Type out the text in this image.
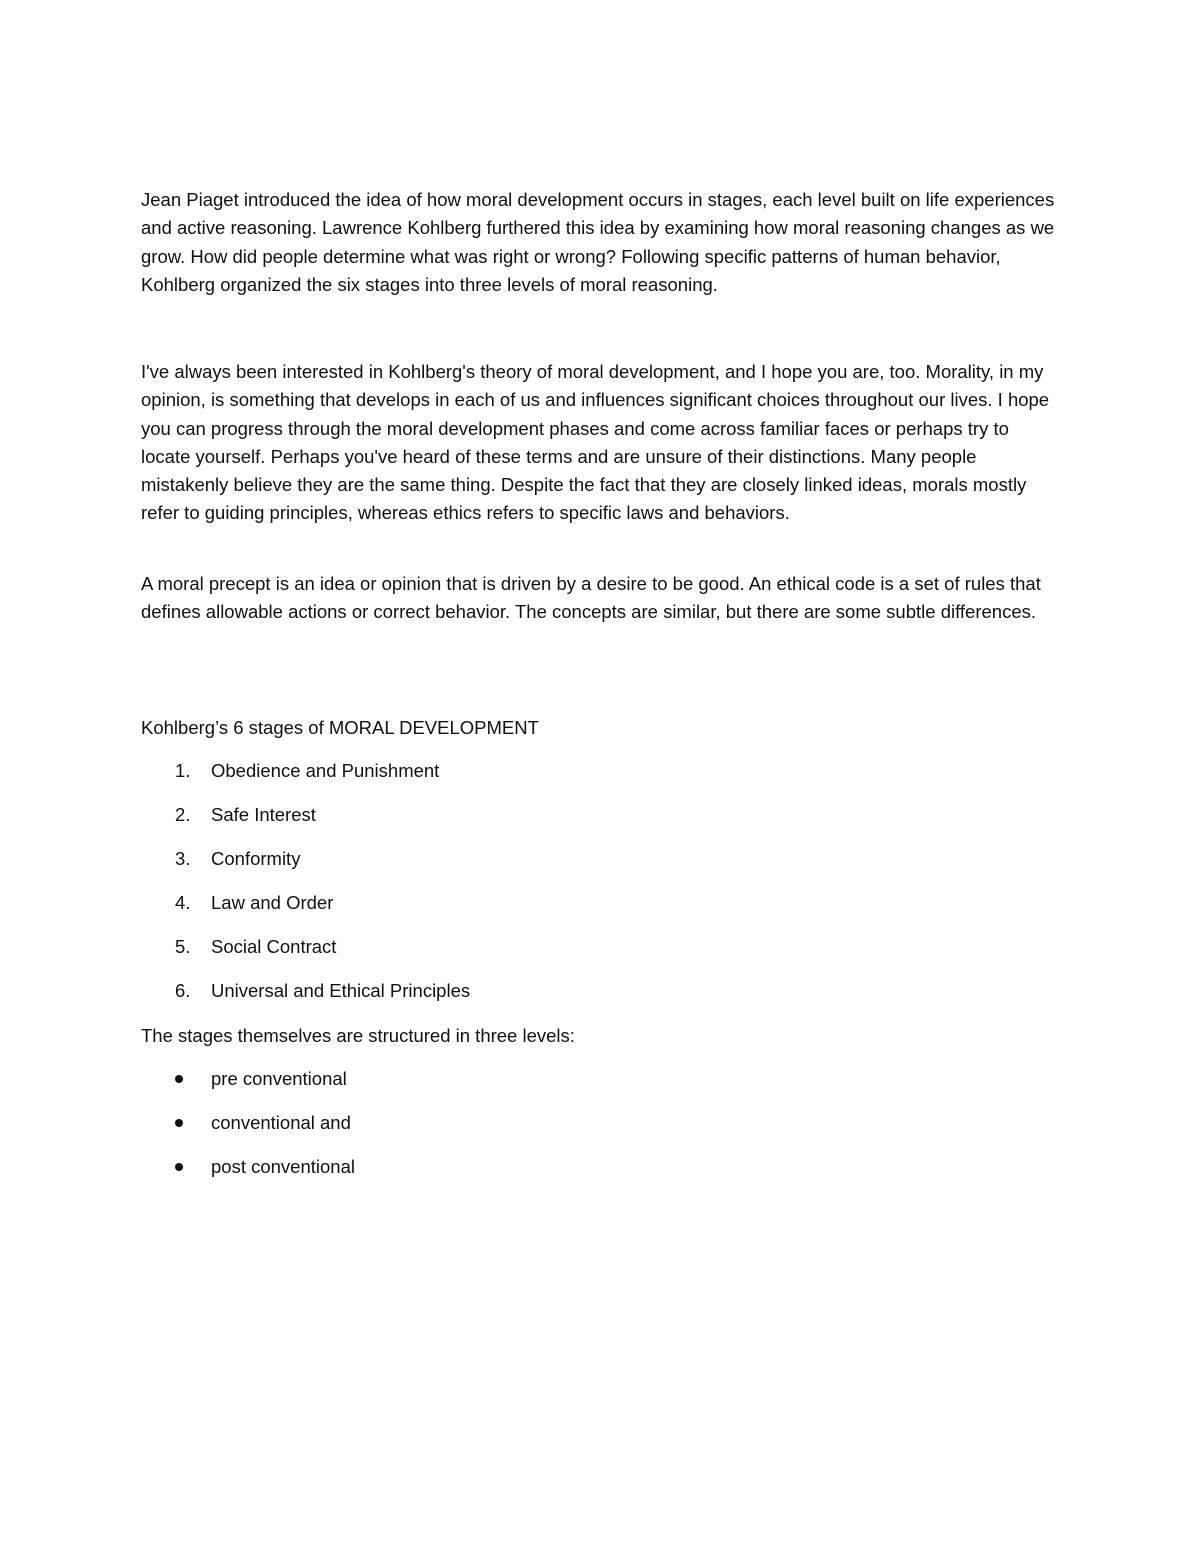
Jean Piaget introduced the idea of how moral development occurs in stages, each level built on life experiences and active reasoning. Lawrence Kohlberg furthered this idea by examining how moral reasoning changes as we grow. How did people determine what was right or wrong? Following specific patterns of human behavior, Kohlberg organized the six stages into three levels of moral reasoning.

I've always been interested in Kohlberg's theory of moral development, and I hope you are, too. Morality, in my opinion, is something that develops in each of us and influences significant choices throughout our lives. I hope you can progress through the moral development phases and come across familiar faces or perhaps try to locate yourself. Perhaps you've heard of these terms and are unsure of their distinctions. Many people mistakenly believe they are the same thing. Despite the fact that they are closely linked ideas, morals mostly refer to guiding principles, whereas ethics refers to specific laws and behaviors.

A moral precept is an idea or opinion that is driven by a desire to be good. An ethical code is a set of rules that defines allowable actions or correct behavior. The concepts are similar, but there are some subtle differences.

Kohlberg’s 6 stages of MORAL DEVELOPMENT

1. Obedience and Punishment
2. Safe Interest
3. Conformity
4. Law and Order
5. Social Contract
6. Universal and Ethical Principles

The stages themselves are structured in three levels:

pre conventional
conventional and
post conventional
